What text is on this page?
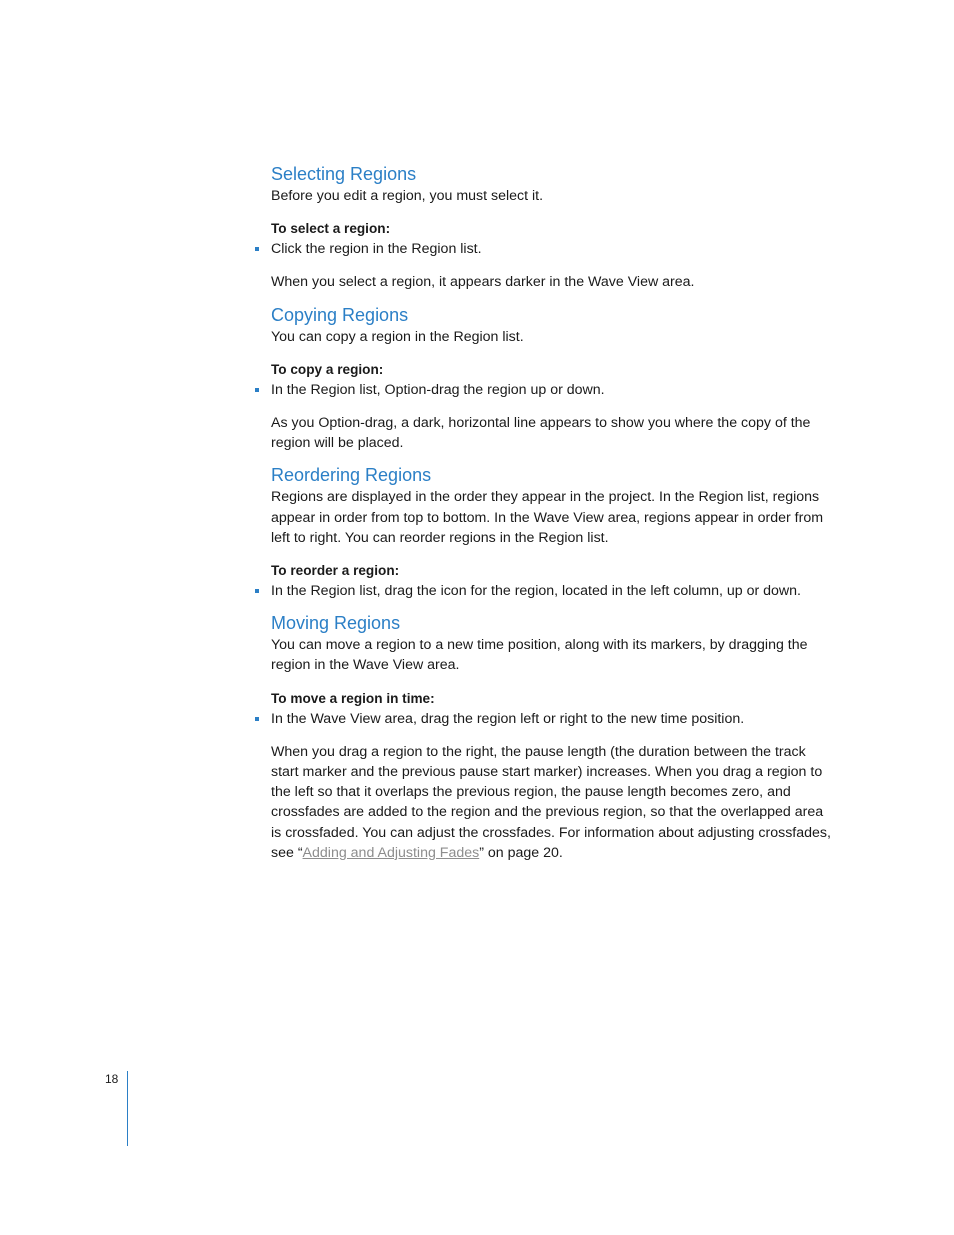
Selecting Regions

Before you edit a region, you must select it.

To select a region:

Click the region in the Region list.

When you select a region, it appears darker in the Wave View area.

Copying Regions

You can copy a region in the Region list.

To copy a region:

In the Region list, Option-drag the region up or down.

As you Option-drag, a dark, horizontal line appears to show you where the copy of the region will be placed.

Reordering Regions

Regions are displayed in the order they appear in the project. In the Region list, regions appear in order from top to bottom. In the Wave View area, regions appear in order from left to right. You can reorder regions in the Region list.

To reorder a region:

In the Region list, drag the icon for the region, located in the left column, up or down.

Moving Regions

You can move a region to a new time position, along with its markers, by dragging the region in the Wave View area.

To move a region in time:

In the Wave View area, drag the region left or right to the new time position.

When you drag a region to the right, the pause length (the duration between the track start marker and the previous pause start marker) increases. When you drag a region to the left so that it overlaps the previous region, the pause length becomes zero, and crossfades are added to the region and the previous region, so that the overlapped area is crossfaded. You can adjust the crossfades. For information about adjusting crossfades, see “Adding and Adjusting Fades” on page 20.

18
